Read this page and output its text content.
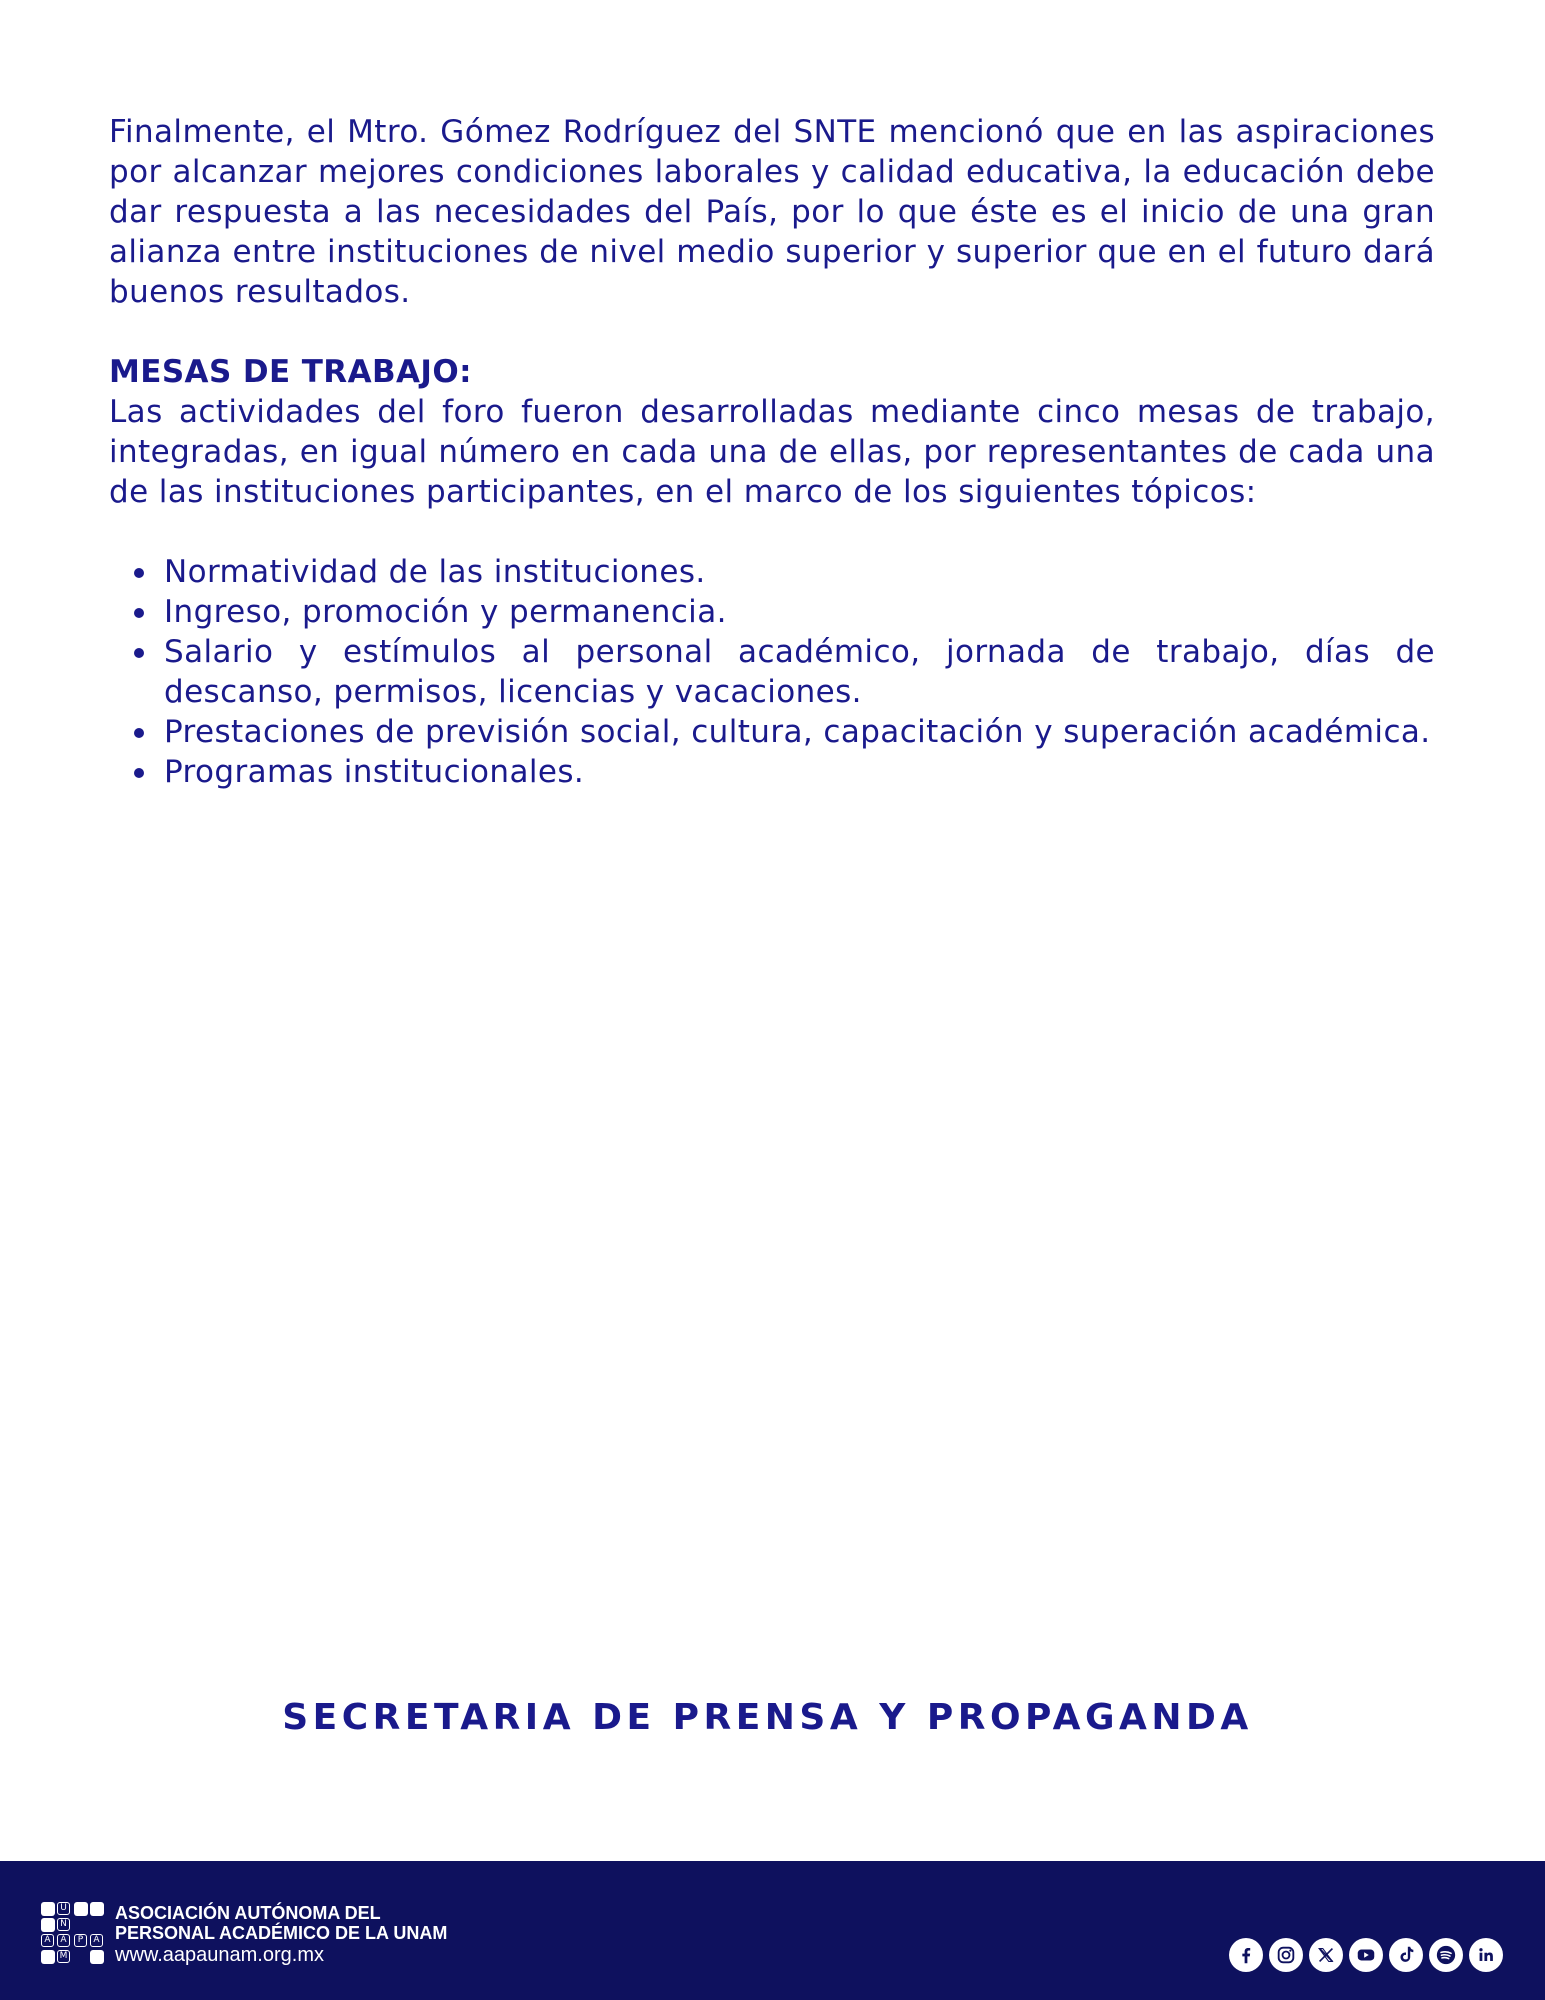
Finalmente, el Mtro. Gómez Rodríguez del SNTE mencionó que en las aspiraciones por alcanzar mejores condiciones laborales y calidad educativa, la educación debe dar respuesta a las necesidades del País, por lo que éste es el inicio de una gran alianza entre instituciones de nivel medio superior y superior que en el futuro dará buenos resultados.

MESAS DE TRABAJO:

Las actividades del foro fueron desarrolladas mediante cinco mesas de trabajo, integradas, en igual número en cada una de ellas, por representantes de cada una de las instituciones participantes, en el marco de los siguientes tópicos:

Normatividad de las instituciones.
Ingreso, promoción y permanencia.
Salario y estímulos al personal académico, jornada de trabajo, días de descanso, permisos, licencias y vacaciones.
Prestaciones de previsión social, cultura, capacitación y superación académica.
Programas institucionales.
SECRETARIA DE PRENSA Y PROPAGANDA
U
N
A	A	P	A
M
ASOCIACIÓN AUTÓNOMA DEL
PERSONAL ACADÉMICO DE LA UNAM
www.aapaunam.org.mx
